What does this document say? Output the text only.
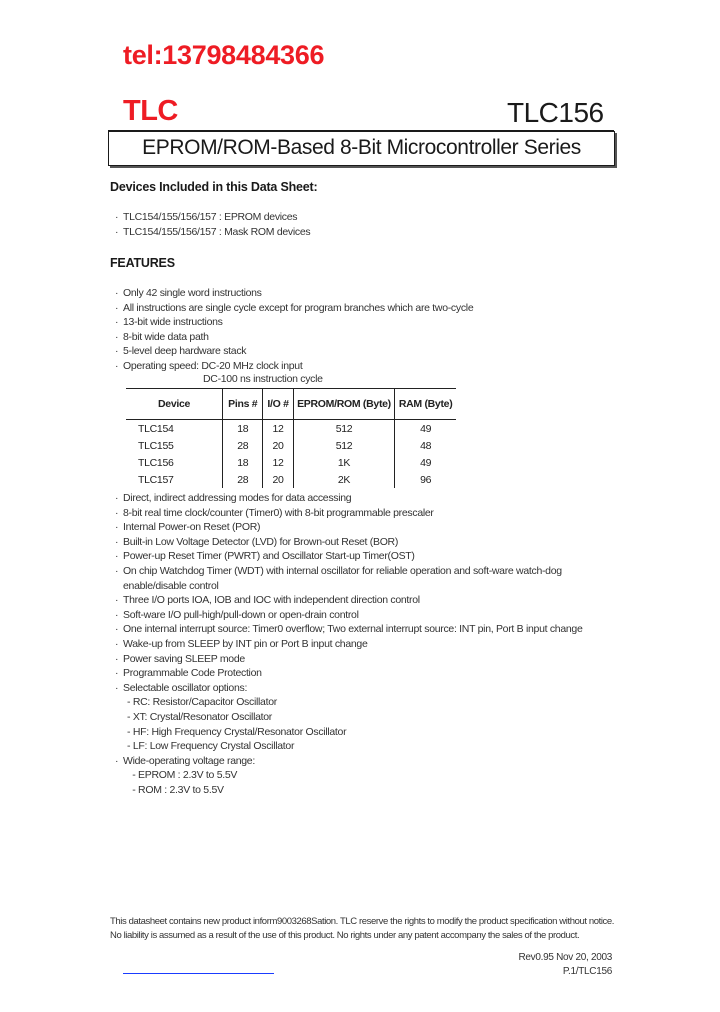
tel:13798484366
TLC	TLC156
EPROM/ROM-Based 8-Bit Microcontroller Series
Devices Included in this Data Sheet:
· TLC154/155/156/157 : EPROM devices
· TLC154/155/156/157 : Mask ROM devices
FEATURES
· Only 42 single word instructions
· All instructions are single cycle except for program branches which are two-cycle
· 13-bit wide instructions
· 8-bit wide data path
· 5-level deep hardware stack
· Operating speed: DC-20 MHz clock input
DC-100 ns instruction cycle
Device	Pins #	I/O #	EPROM/ROM (Byte)	RAM (Byte)
TLC154	18	12	512	49
TLC155	28	20	512	48
TLC156	18	12	1K	49
TLC157	28	20	2K	96
· Direct, indirect addressing modes for data accessing
· 8-bit real time clock/counter (Timer0) with 8-bit programmable prescaler
· Internal Power-on Reset (POR)
· Built-in Low Voltage Detector (LVD) for Brown-out Reset (BOR)
· Power-up Reset Timer (PWRT) and Oscillator Start-up Timer(OST)
· On chip Watchdog Timer (WDT) with internal oscillator for reliable operation and soft-ware watch-dog
enable/disable control
· Three I/O ports IOA, IOB and IOC with independent direction control
· Soft-ware I/O pull-high/pull-down or open-drain control
· One internal interrupt source: Timer0 overflow; Two external interrupt source: INT pin, Port B input change
· Wake-up from SLEEP by INT pin or Port B input change
· Power saving SLEEP mode
· Programmable Code Protection
· Selectable oscillator options:
- RC: Resistor/Capacitor Oscillator
- XT: Crystal/Resonator Oscillator
- HF: High Frequency Crystal/Resonator Oscillator
- LF: Low Frequency Crystal Oscillator
· Wide-operating voltage range:
- EPROM : 2.3V to 5.5V
- ROM : 2.3V to 5.5V
This datasheet contains new product inform9003268Sation. TLC reserve the rights to modify the product specification without notice.
No liability is assumed as a result of the use of this product. No rights under any patent accompany the sales of the product.
Rev0.95 Nov 20, 2003
P.1/TLC156
